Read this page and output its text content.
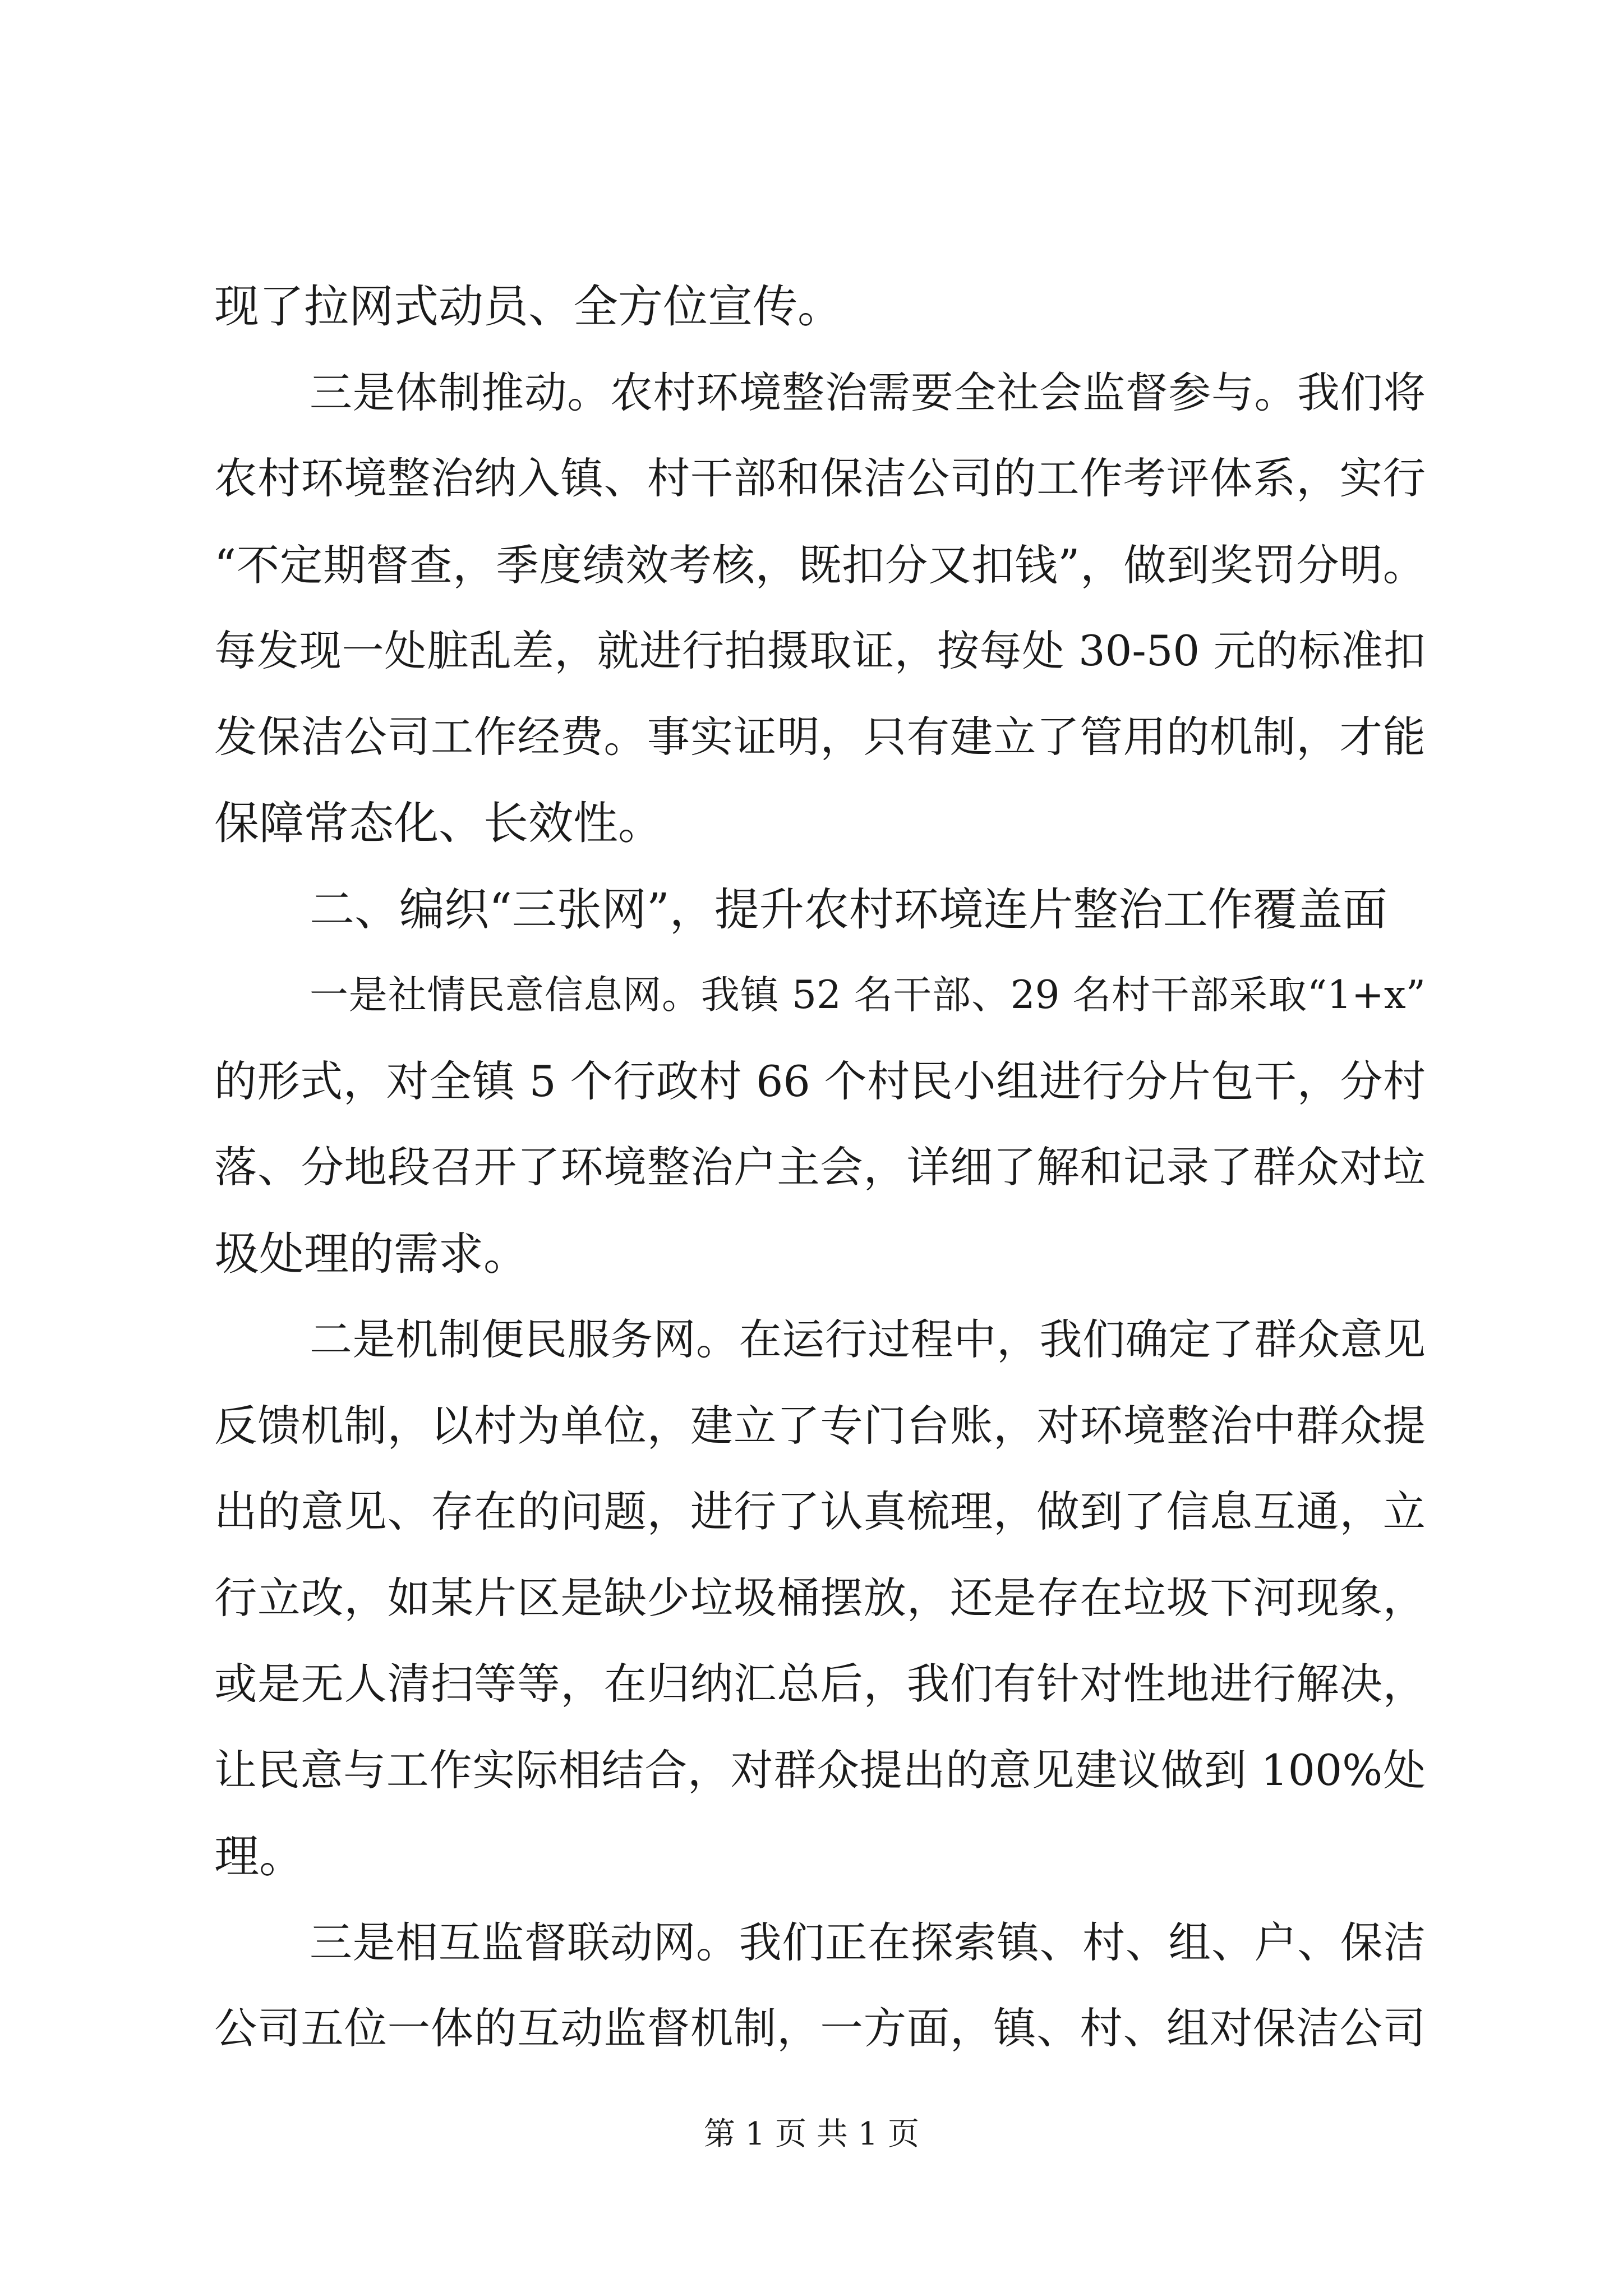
现了拉网式动员、全方位宣传。
三是体制推动。农村环境整治需要全社会监督参与。我们将
农村环境整治纳入镇、村干部和保洁公司的工作考评体系，实行
“不定期督查，季度绩效考核，既扣分又扣钱”，做到奖罚分明。
每发现一处脏乱差，就进行拍摄取证，按每处 30-50 元的标准扣
发保洁公司工作经费。事实证明，只有建立了管用的机制，才能
保障常态化、长效性。
二、编织“三张网”，提升农村环境连片整治工作覆盖面
一是社情民意信息网。我镇 52 名干部、29 名村干部采取“1+x”
的形式，对全镇 5 个行政村 66 个村民小组进行分片包干，分村
落、分地段召开了环境整治户主会，详细了解和记录了群众对垃
圾处理的需求。
二是机制便民服务网。在运行过程中，我们确定了群众意见
反馈机制，以村为单位，建立了专门台账，对环境整治中群众提
出的意见、存在的问题，进行了认真梳理，做到了信息互通，立
行立改，如某片区是缺少垃圾桶摆放，还是存在垃圾下河现象，
或是无人清扫等等，在归纳汇总后，我们有针对性地进行解决，
让民意与工作实际相结合，对群众提出的意见建议做到 100%处
理。
三是相互监督联动网。我们正在探索镇、村、组、户、保洁
公司五位一体的互动监督机制，一方面，镇、村、组对保洁公司
第 1 页 共 1 页
